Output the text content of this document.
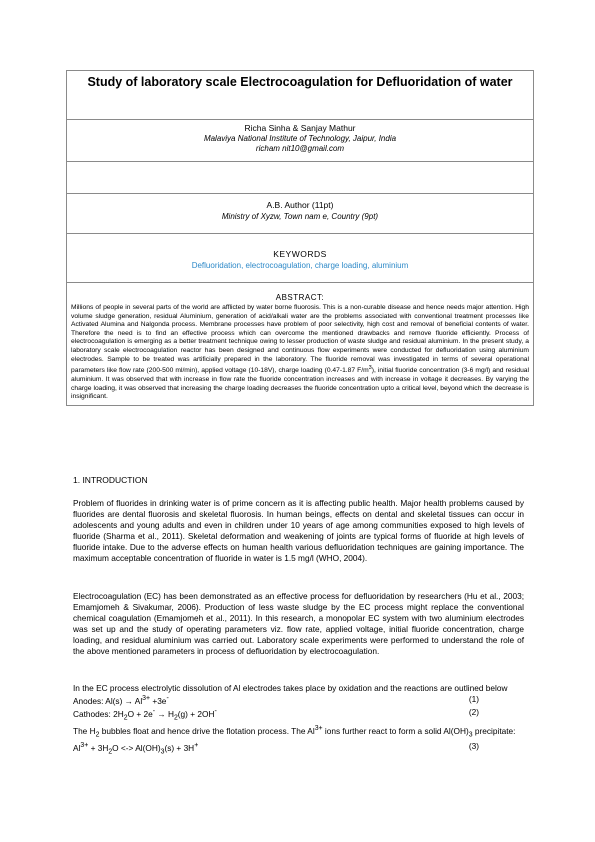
Study of laboratory scale Electrocoagulation for Defluoridation of water
Richa Sinha & Sanjay Mathur
Malaviya National Institute of Technology, Jaipur, India
richam nit10@gmail.com
A.B. Author (11pt)
Ministry of Xyzw, Town nam e, Country (9pt)
KEYWORDS
Defluoridation, electrocoagulation, charge loading, aluminium
ABSTRACT:
Millions of people in several parts of the world are afflicted by water borne fluorosis. This is a non-curable disease and hence needs major attention. High volume sludge generation, residual Aluminium, generation of acid/alkali water are the problems associated with conventional treatment processes like Activated Alumina and Nalgonda process. Membrane processes have problem of poor selectivity, high cost and removal of beneficial contents of water. Therefore the need is to find an effective process which can overcome the mentioned drawbacks and remove fluoride efficiently. Process of electrocoagulation is emerging as a better treatment technique owing to lesser production of waste sludge and residual aluminium. In the present study, a laboratory scale electrocoagulation reactor has been designed and continuous flow experiments were conducted for defluoridation using aluminium electrodes. Sample to be treated was artificially prepared in the laboratory. The fluoride removal was investigated in terms of several operational parameters like flow rate (200-500 ml/min), applied voltage (10-18V), charge loading (0.47-1.87 $F/m^3$), initial fluoride concentration (3-6 mg/l) and residual aluminium. It was observed that with increase in flow rate the fluoride concentration increases and with increase in voltage it decreases. By varying the charge loading, it was observed that increasing the charge loading decreases the fluoride concentration upto a critical level, beyond which the decrease is insignificant.
1. INTRODUCTION

Problem of fluorides in drinking water is of prime concern as it is affecting public health. Major health problems caused by fluorides are dental fluorosis and skeletal fluorosis. In human beings, effects on dental and skeletal tissues can occur in adolescents and young adults and even in children under 10 years of age among communities exposed to high levels of fluoride (Sharma et al., 2011). Skeletal deformation and weakening of joints are typical forms of fluoride at high levels of fluoride intake. Due to the adverse effects on human health various defluoridation techniques are gaining importance. The maximum acceptable concentration of fluoride in water is 1.5 mg/l (WHO, 2004).

Electrocoagulation (EC) has been demonstrated as an effective process for defluoridation by researchers (Hu et al., 2003; Emamjomeh & Sivakumar, 2006). Production of less waste sludge by the EC process might replace the conventional chemical coagulation (Emamjomeh et al., 2011). In this research, a monopolar EC system with two aluminium electrodes was set up and the study of operating parameters viz. flow rate, applied voltage, initial fluoride concentration, charge loading, and residual aluminium was carried out. Laboratory scale experiments were performed to understand the role of the above mentioned parameters in process of defluoridation by electrocoagulation.

In the EC process electrolytic dissolution of Al electrodes takes place by oxidation and the reactions are outlined below
Anodes: $Al(s) \to Al^{3+} +3e^-$	(1)
Cathodes: $2H_2O + 2e^- \to H_2(g) + 2OH^-$	(2)
The $H_2$ bubbles float and hence drive the flotation process. The $Al^{3+}$ ions further react to form a solid $Al(OH)_3$ precipitate:
$Al^{3+} + 3H_2O$ <-> $Al(OH)_3(s) + 3H^+$	(3)
